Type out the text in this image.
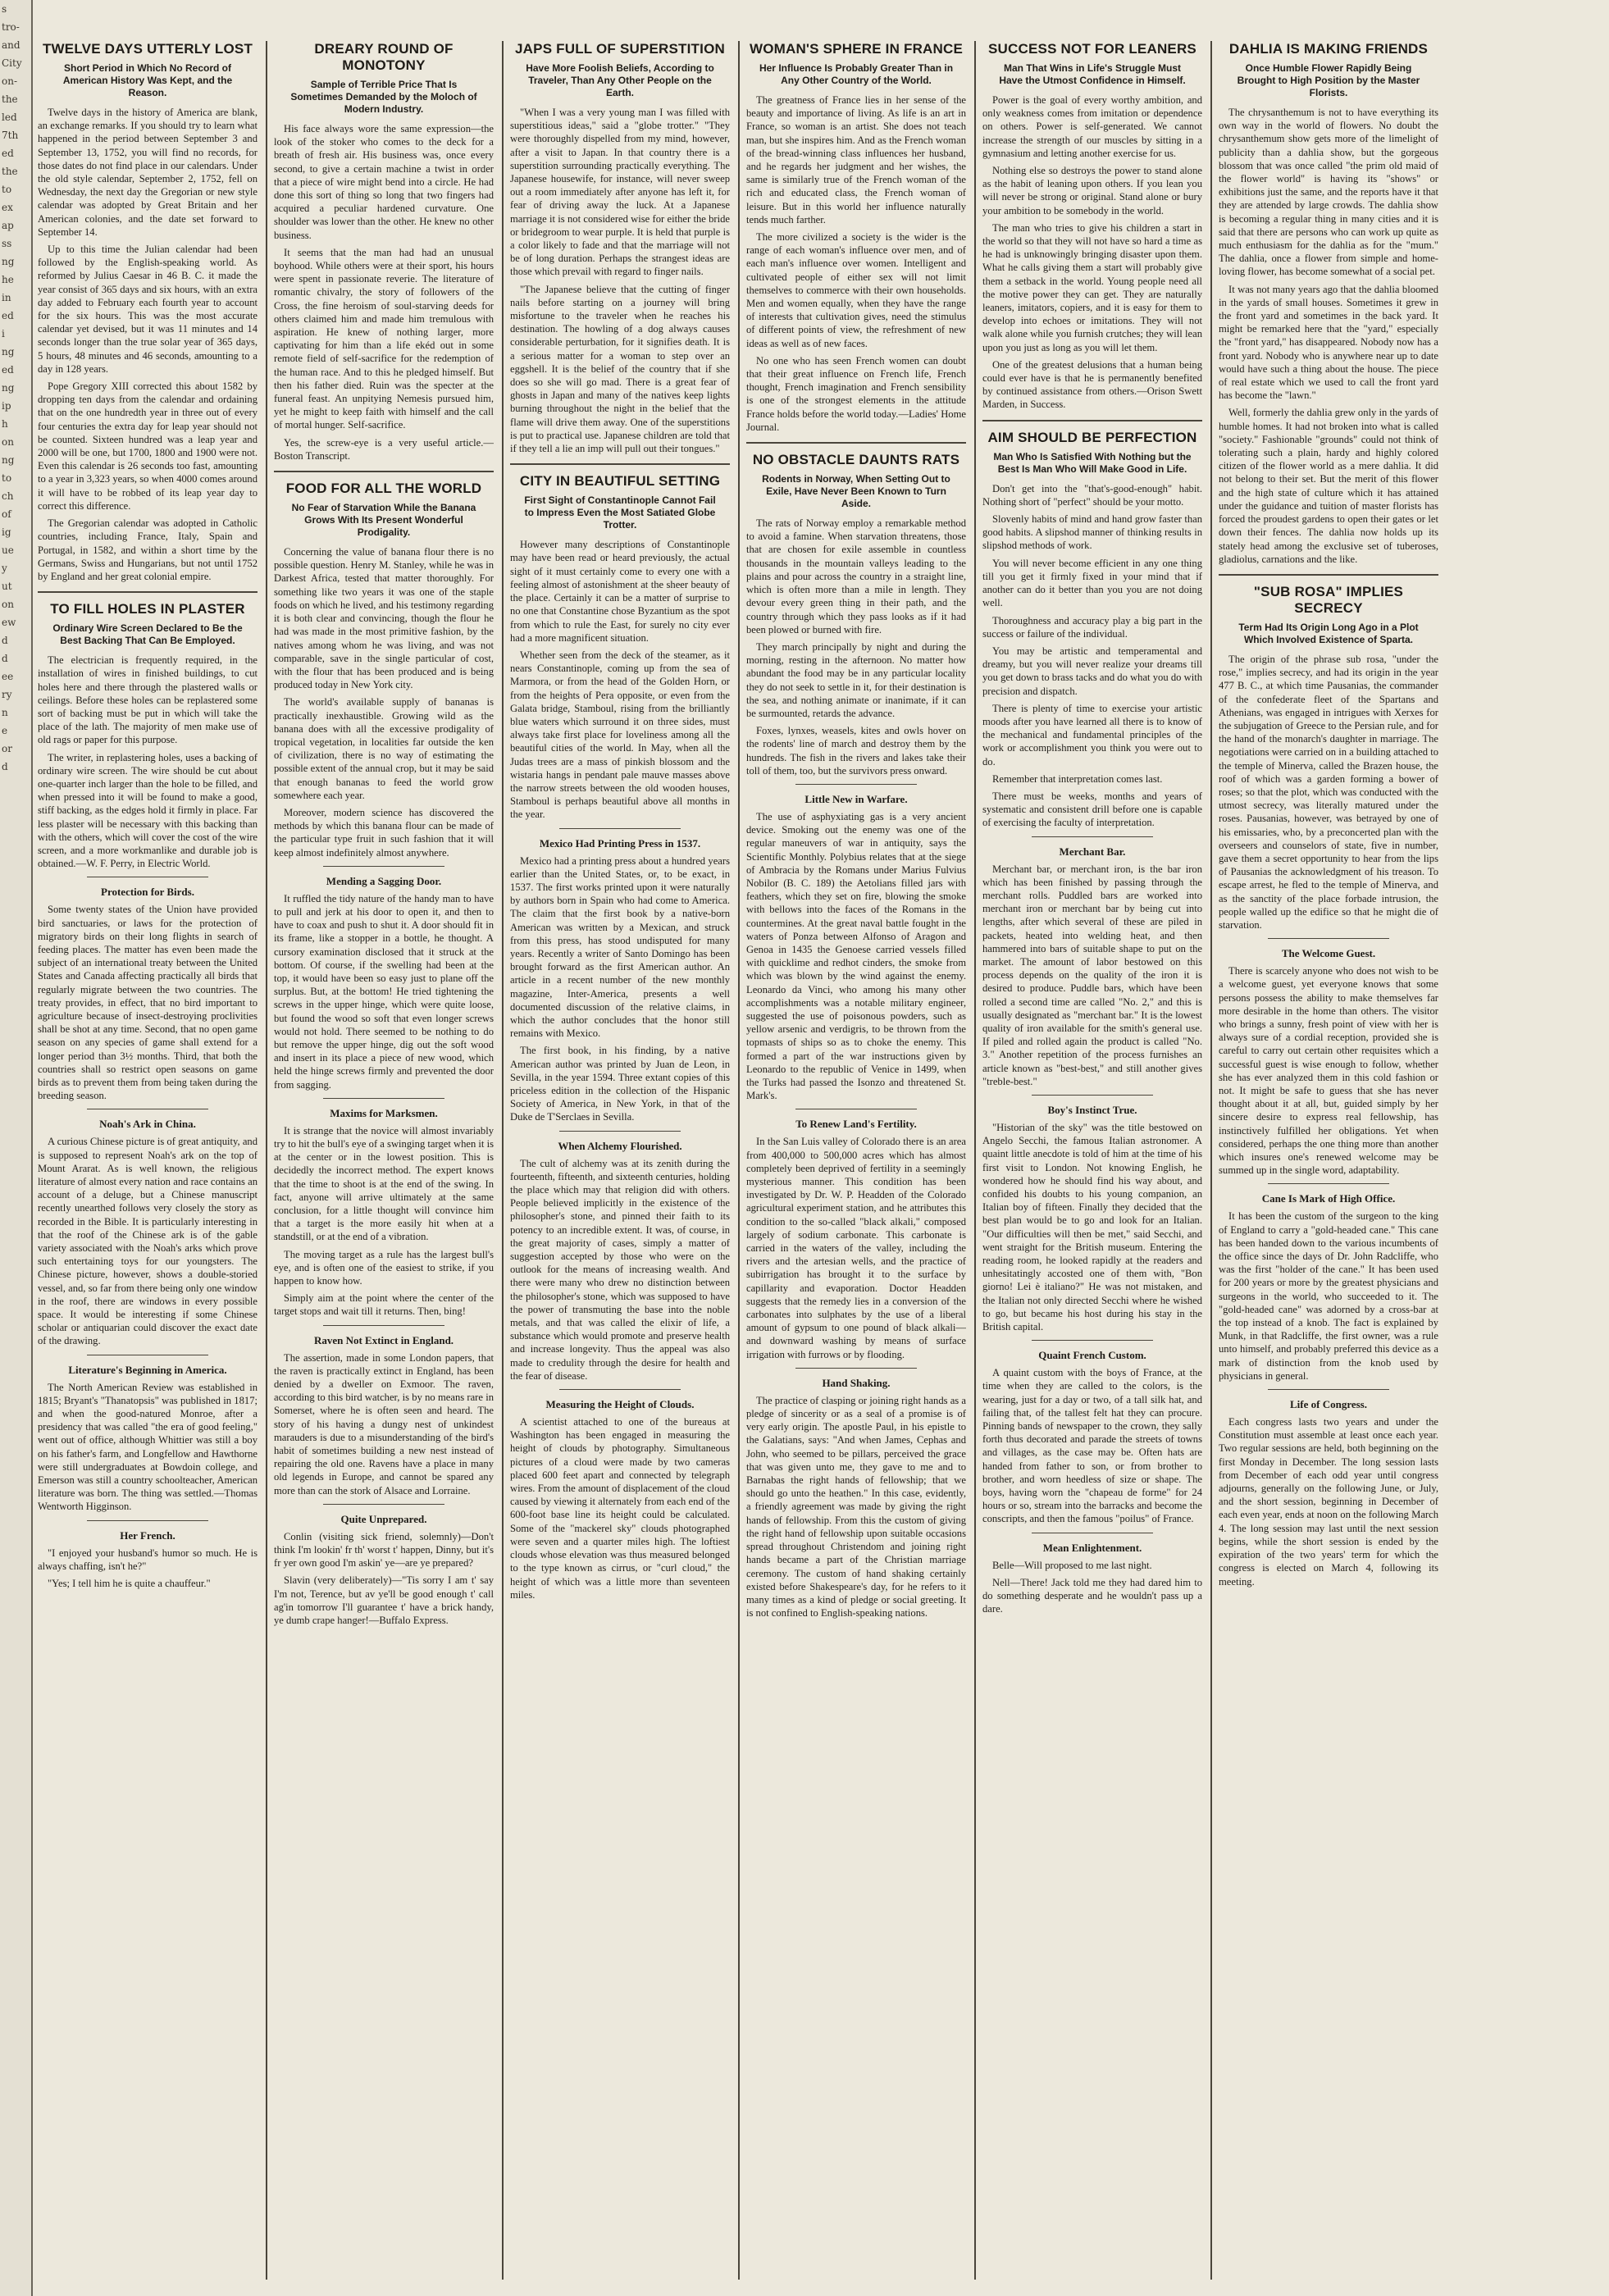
s
tro-
and
City
on-
the
led
7th
ed
the
to
ex
ap
ss
ng
he
in
ed
i
ng
ed
ng
ip
h
on
ng
to
ch
of
ig
ue
y
ut
on
ew
d
d
ee
ry
n
e
or
d
TWELVE DAYS UTTERLY LOST
Short Period in Which No Record of American History Was Kept, and the Reason.

Twelve days in the history of America are blank, an exchange remarks. If you should try to learn what happened in the period between September 3 and September 13, 1752, you will find no records, for those dates do not find place in our calendars. Under the old style calendar, September 2, 1752, fell on Wednesday, the next day the Gregorian or new style calendar was adopted by Great Britain and her American colonies, and the date set forward to September 14.

Up to this time the Julian calendar had been followed by the English-speaking world. As reformed by Julius Caesar in 46 B. C. it made the year consist of 365 days and six hours, with an extra day added to February each fourth year to account for the six hours. This was the most accurate calendar yet devised, but it was 11 minutes and 14 seconds longer than the true solar year of 365 days, 5 hours, 48 minutes and 46 seconds, amounting to a day in 128 years.

Pope Gregory XIII corrected this about 1582 by dropping ten days from the calendar and ordaining that on the one hundredth year in three out of every four centuries the extra day for leap year should not be counted. Sixteen hundred was a leap year and 2000 will be one, but 1700, 1800 and 1900 were not. Even this calendar is 26 seconds too fast, amounting to a year in 3,323 years, so when 4000 comes around it will have to be robbed of its leap year day to correct this difference.

The Gregorian calendar was adopted in Catholic countries, including France, Italy, Spain and Portugal, in 1582, and within a short time by the Germans, Swiss and Hungarians, but not until 1752 by England and her great colonial empire.

TO FILL HOLES IN PLASTER
Ordinary Wire Screen Declared to Be the Best Backing That Can Be Employed.

The electrician is frequently required, in the installation of wires in finished buildings, to cut holes here and there through the plastered walls or ceilings. Before these holes can be replastered some sort of backing must be put in which will take the place of the lath. The majority of men make use of old rags or paper for this purpose.

The writer, in replastering holes, uses a backing of ordinary wire screen. The wire should be cut about one-quarter inch larger than the hole to be filled, and when pressed into it will be found to make a good, stiff backing, as the edges hold it firmly in place. Far less plaster will be necessary with this backing than with the others, which will cover the cost of the wire screen, and a more workmanlike and durable job is obtained.—W. F. Perry, in Electric World.

Protection for Birds.

Some twenty states of the Union have provided bird sanctuaries, or laws for the protection of migratory birds on their long flights in search of feeding places. The matter has even been made the subject of an international treaty between the United States and Canada affecting practically all birds that regularly migrate between the two countries. The treaty provides, in effect, that no bird important to agriculture because of insect-destroying proclivities shall be shot at any time. Second, that no open game season on any species of game shall extend for a longer period than 3½ months. Third, that both the countries shall so restrict open seasons on game birds as to prevent them from being taken during the breeding season.

Noah's Ark in China.

A curious Chinese picture is of great antiquity, and is supposed to represent Noah's ark on the top of Mount Ararat. As is well known, the religious literature of almost every nation and race contains an account of a deluge, but a Chinese manuscript recently unearthed follows very closely the story as recorded in the Bible. It is particularly interesting in that the roof of the Chinese ark is of the gable variety associated with the Noah's arks which prove such entertaining toys for our youngsters. The Chinese picture, however, shows a double-storied vessel, and, so far from there being only one window in the roof, there are windows in every possible space. It would be interesting if some Chinese scholar or antiquarian could discover the exact date of the drawing.

Literature's Beginning in America.

The North American Review was established in 1815; Bryant's "Thanatopsis" was published in 1817; and when the good-natured Monroe, after a presidency that was called "the era of good feeling," went out of office, although Whittier was still a boy on his father's farm, and Longfellow and Hawthorne were still undergraduates at Bowdoin college, and Emerson was still a country schoolteacher, American literature was born. The thing was settled.—Thomas Wentworth Higginson.

Her French.

"I enjoyed your husband's humor so much. He is always chaffing, isn't he?"

"Yes; I tell him he is quite a chauffeur."

DREARY ROUND OF MONOTONY
Sample of Terrible Price That Is Sometimes Demanded by the Moloch of Modern Industry.

His face always wore the same expression—the look of the stoker who comes to the deck for a breath of fresh air. His business was, once every second, to give a certain machine a twist in order that a piece of wire might bend into a circle. He had done this sort of thing so long that two fingers had acquired a peculiar hardened curvature. One shoulder was lower than the other. He knew no other business.

It seems that the man had had an unusual boyhood. While others were at their sport, his hours were spent in passionate reverie. The literature of romantic chivalry, the story of followers of the Cross, the fine heroism of soul-starving deeds for others claimed him and made him tremulous with aspiration. He knew of nothing larger, more captivating for him than a life ekéd out in some remote field of self-sacrifice for the redemption of the human race. And to this he pledged himself. But then his father died. Ruin was the specter at the funeral feast. An unpitying Nemesis pursued him, yet he might to keep faith with himself and the call of mortal hunger. Self-sacrifice.

Yes, the screw-eye is a very useful article.—Boston Transcript.

FOOD FOR ALL THE WORLD
No Fear of Starvation While the Banana Grows With Its Present Wonderful Prodigality.

Concerning the value of banana flour there is no possible question. Henry M. Stanley, while he was in Darkest Africa, tested that matter thoroughly. For something like two years it was one of the staple foods on which he lived, and his testimony regarding it is both clear and convincing, though the flour he had was made in the most primitive fashion, by the natives among whom he was living, and was not comparable, save in the single particular of cost, with the flour that has been produced and is being produced today in New York city.

The world's available supply of bananas is practically inexhaustible. Growing wild as the banana does with all the excessive prodigality of tropical vegetation, in localities far outside the ken of civilization, there is no way of estimating the possible extent of the annual crop, but it may be said that enough bananas to feed the world grow somewhere each year.

Moreover, modern science has discovered the methods by which this banana flour can be made of the particular type fruit in such fashion that it will keep almost indefinitely almost anywhere.

Mending a Sagging Door.

It ruffled the tidy nature of the handy man to have to pull and jerk at his door to open it, and then to have to coax and push to shut it. A door should fit in its frame, like a stopper in a bottle, he thought. A cursory examination disclosed that it struck at the bottom. Of course, if the swelling had been at the top, it would have been so easy just to plane off the surplus. But, at the bottom! He tried tightening the screws in the upper hinge, which were quite loose, but found the wood so soft that even longer screws would not hold. There seemed to be nothing to do but remove the upper hinge, dig out the soft wood and insert in its place a piece of new wood, which held the hinge screws firmly and prevented the door from sagging.

Maxims for Marksmen.

It is strange that the novice will almost invariably try to hit the bull's eye of a swinging target when it is at the center or in the lowest position. This is decidedly the incorrect method. The expert knows that the time to shoot is at the end of the swing. In fact, anyone will arrive ultimately at the same conclusion, for a little thought will convince him that a target is the more easily hit when at a standstill, or at the end of a vibration.

The moving target as a rule has the largest bull's eye, and is often one of the easiest to strike, if you happen to know how.

Simply aim at the point where the center of the target stops and wait till it returns. Then, bing!

Raven Not Extinct in England.

The assertion, made in some London papers, that the raven is practically extinct in England, has been denied by a dweller on Exmoor. The raven, according to this bird watcher, is by no means rare in Somerset, where he is often seen and heard. The story of his having a dungy nest of unkindest marauders is due to a misunderstanding of the bird's habit of sometimes building a new nest instead of repairing the old one. Ravens have a place in many old legends in Europe, and cannot be spared any more than can the stork of Alsace and Lorraine.

Quite Unprepared.

Conlin (visiting sick friend, solemnly)—Don't think I'm lookin' fr th' worst t' happen, Dinny, but it's fr yer own good I'm askin' ye—are ye prepared?

Slavin (very deliberately)—"Tis sorry I am t' say I'm not, Terence, but av ye'll be good enough t' call ag'in tomorrow I'll guarantee t' have a brick handy, ye dumb crape hanger!—Buffalo Express.

JAPS FULL OF SUPERSTITION
Have More Foolish Beliefs, According to Traveler, Than Any Other People on the Earth.

"When I was a very young man I was filled with superstitious ideas," said a "globe trotter." "They were thoroughly dispelled from my mind, however, after a visit to Japan. In that country there is a superstition surrounding practically everything. The Japanese housewife, for instance, will never sweep out a room immediately after anyone has left it, for fear of driving away the luck. At a Japanese marriage it is not considered wise for either the bride or bridegroom to wear purple. It is held that purple is a color likely to fade and that the marriage will not be of long duration. Perhaps the strangest ideas are those which prevail with regard to finger nails.

"The Japanese believe that the cutting of finger nails before starting on a journey will bring misfortune to the traveler when he reaches his destination. The howling of a dog always causes considerable perturbation, for it signifies death. It is a serious matter for a woman to step over an eggshell. It is the belief of the country that if she does so she will go mad. There is a great fear of ghosts in Japan and many of the natives keep lights burning throughout the night in the belief that the flame will drive them away. One of the superstitions is put to practical use. Japanese children are told that if they tell a lie an imp will pull out their tongues."

CITY IN BEAUTIFUL SETTING
First Sight of Constantinople Cannot Fail to Impress Even the Most Satiated Globe Trotter.

However many descriptions of Constantinople may have been read or heard previously, the actual sight of it must certainly come to every one with a feeling almost of astonishment at the sheer beauty of the place. Certainly it can be a matter of surprise to no one that Constantine chose Byzantium as the spot from which to rule the East, for surely no city ever had a more magnificent situation.

Whether seen from the deck of the steamer, as it nears Constantinople, coming up from the sea of Marmora, or from the head of the Golden Horn, or from the heights of Pera opposite, or even from the Galata bridge, Stamboul, rising from the brilliantly blue waters which surround it on three sides, must always take first place for loveliness among all the beautiful cities of the world. In May, when all the Judas trees are a mass of pinkish blossom and the wistaria hangs in pendant pale mauve masses above the narrow streets between the old wooden houses, Stamboul is perhaps beautiful above all months in the year.

Mexico Had Printing Press in 1537.

Mexico had a printing press about a hundred years earlier than the United States, or, to be exact, in 1537. The first works printed upon it were naturally by authors born in Spain who had come to America. The claim that the first book by a native-born American was written by a Mexican, and struck from this press, has stood undisputed for many years. Recently a writer of Santo Domingo has been brought forward as the first American author. An article in a recent number of the new monthly magazine, Inter-America, presents a well documented discussion of the relative claims, in which the author concludes that the honor still remains with Mexico.

The first book, in his finding, by a native American author was printed by Juan de Leon, in Sevilla, in the year 1594. Three extant copies of this priceless edition in the collection of the Hispanic Society of America, in New York, in that of the Duke de T'Serclaes in Sevilla.

When Alchemy Flourished.

The cult of alchemy was at its zenith during the fourteenth, fifteenth, and sixteenth centuries, holding the place which may that religion did with others. People believed implicitly in the existence of the philosopher's stone, and pinned their faith to its potency to an incredible extent. It was, of course, in the great majority of cases, simply a matter of suggestion accepted by those who were on the outlook for the means of increasing wealth. And there were many who drew no distinction between the philosopher's stone, which was supposed to have the power of transmuting the base into the noble metals, and that was called the elixir of life, a substance which would promote and preserve health and increase longevity. Thus the appeal was also made to credulity through the desire for health and the fear of disease.

Measuring the Height of Clouds.

A scientist attached to one of the bureaus at Washington has been engaged in measuring the height of clouds by photography. Simultaneous pictures of a cloud were made by two cameras placed 600 feet apart and connected by telegraph wires. From the amount of displacement of the cloud caused by viewing it alternately from each end of the 600-foot base line its height could be calculated. Some of the "mackerel sky" clouds photographed were seven and a quarter miles high. The loftiest clouds whose elevation was thus measured belonged to the type known as cirrus, or "curl cloud," the height of which was a little more than seventeen miles.

WOMAN'S SPHERE IN FRANCE
Her Influence Is Probably Greater Than in Any Other Country of the World.

The greatness of France lies in her sense of the beauty and importance of living. As life is an art in France, so woman is an artist. She does not teach man, but she inspires him. And as the French woman of the bread-winning class influences her husband, and he regards her judgment and her wishes, the same is similarly true of the French woman of the rich and educated class, the French woman of leisure. But in this world her influence naturally tends much farther.

The more civilized a society is the wider is the range of each woman's influence over men, and of each man's influence over women. Intelligent and cultivated people of either sex will not limit themselves to commerce with their own households. Men and women equally, when they have the range of interests that cultivation gives, need the stimulus of different points of view, the refreshment of new ideas as well as of new faces.

No one who has seen French women can doubt that their great influence on French life, French thought, French imagination and French sensibility is one of the strongest elements in the attitude France holds before the world today.—Ladies' Home Journal.

NO OBSTACLE DAUNTS RATS
Rodents in Norway, When Setting Out to Exile, Have Never Been Known to Turn Aside.

The rats of Norway employ a remarkable method to avoid a famine. When starvation threatens, those that are chosen for exile assemble in countless thousands in the mountain valleys leading to the plains and pour across the country in a straight line, which is often more than a mile in length. They devour every green thing in their path, and the country through which they pass looks as if it had been plowed or burned with fire.

They march principally by night and during the morning, resting in the afternoon. No matter how abundant the food may be in any particular locality they do not seek to settle in it, for their destination is the sea, and nothing animate or inanimate, if it can be surmounted, retards the advance.

Foxes, lynxes, weasels, kites and owls hover on the rodents' line of march and destroy them by the hundreds. The fish in the rivers and lakes take their toll of them, too, but the survivors press onward.

Little New in Warfare.

The use of asphyxiating gas is a very ancient device. Smoking out the enemy was one of the regular maneuvers of war in antiquity, says the Scientific Monthly. Polybius relates that at the siege of Ambracia by the Romans under Marius Fulvius Nobilor (B. C. 189) the Aetolians filled jars with feathers, which they set on fire, blowing the smoke with bellows into the faces of the Romans in the countermines. At the great naval battle fought in the waters of Ponza between Alfonso of Aragon and Genoa in 1435 the Genoese carried vessels filled with quicklime and redhot cinders, the smoke from which was blown by the wind against the enemy. Leonardo da Vinci, who among his many other accomplishments was a notable military engineer, suggested the use of poisonous powders, such as yellow arsenic and verdigris, to be thrown from the topmasts of ships so as to choke the enemy. This formed a part of the war instructions given by Leonardo to the republic of Venice in 1499, when the Turks had passed the Isonzo and threatened St. Mark's.

To Renew Land's Fertility.

In the San Luis valley of Colorado there is an area from 400,000 to 500,000 acres which has almost completely been deprived of fertility in a seemingly mysterious manner. This condition has been investigated by Dr. W. P. Headden of the Colorado agricultural experiment station, and he attributes this condition to the so-called "black alkali," composed largely of sodium carbonate. This carbonate is carried in the waters of the valley, including the rivers and the artesian wells, and the practice of subirrigation has brought it to the surface by capillarity and evaporation. Doctor Headden suggests that the remedy lies in a conversion of the carbonates into sulphates by the use of a liberal amount of gypsum to one pound of black alkali—and downward washing by means of surface irrigation with furrows or by flooding.

Hand Shaking.

The practice of clasping or joining right hands as a pledge of sincerity or as a seal of a promise is of very early origin. The apostle Paul, in his epistle to the Galatians, says: "And when James, Cephas and John, who seemed to be pillars, perceived the grace that was given unto me, they gave to me and to Barnabas the right hands of fellowship; that we should go unto the heathen." In this case, evidently, a friendly agreement was made by giving the right hands of fellowship. From this the custom of giving the right hand of fellowship upon suitable occasions spread throughout Christendom and joining right hands became a part of the Christian marriage ceremony. The custom of hand shaking certainly existed before Shakespeare's day, for he refers to it many times as a kind of pledge or social greeting. It is not confined to English-speaking nations.

SUCCESS NOT FOR LEANERS
Man That Wins in Life's Struggle Must Have the Utmost Confidence in Himself.

Power is the goal of every worthy ambition, and only weakness comes from imitation or dependence on others. Power is self-generated. We cannot increase the strength of our muscles by sitting in a gymnasium and letting another exercise for us.

Nothing else so destroys the power to stand alone as the habit of leaning upon others. If you lean you will never be strong or original. Stand alone or bury your ambition to be somebody in the world.

The man who tries to give his children a start in the world so that they will not have so hard a time as he had is unknowingly bringing disaster upon them. What he calls giving them a start will probably give them a setback in the world. Young people need all the motive power they can get. They are naturally leaners, imitators, copiers, and it is easy for them to develop into echoes or imitations. They will not walk alone while you furnish crutches; they will lean upon you just as long as you will let them.

One of the greatest delusions that a human being could ever have is that he is permanently benefited by continued assistance from others.—Orison Swett Marden, in Success.

AIM SHOULD BE PERFECTION
Man Who Is Satisfied With Nothing but the Best Is Man Who Will Make Good in Life.

Don't get into the "that's-good-enough" habit. Nothing short of "perfect" should be your motto.

Slovenly habits of mind and hand grow faster than good habits. A slipshod manner of thinking results in slipshod methods of work.

You will never become efficient in any one thing till you get it firmly fixed in your mind that if another can do it better than you you are not doing well.

Thoroughness and accuracy play a big part in the success or failure of the individual.

You may be artistic and temperamental and dreamy, but you will never realize your dreams till you get down to brass tacks and do what you do with precision and dispatch.

There is plenty of time to exercise your artistic moods after you have learned all there is to know of the mechanical and fundamental principles of the work or accomplishment you think you were out to do.

Remember that interpretation comes last.

There must be weeks, months and years of systematic and consistent drill before one is capable of exercising the faculty of interpretation.

Merchant Bar.

Merchant bar, or merchant iron, is the bar iron which has been finished by passing through the merchant rolls. Puddled bars are worked into merchant iron or merchant bar by being cut into lengths, after which several of these are piled in packets, heated into welding heat, and then hammered into bars of suitable shape to put on the market. The amount of labor bestowed on this process depends on the quality of the iron it is desired to produce. Puddle bars, which have been rolled a second time are called "No. 2," and this is usually designated as "merchant bar." It is the lowest quality of iron available for the smith's general use. If piled and rolled again the product is called "No. 3." Another repetition of the process furnishes an article known as "best-best," and still another gives "treble-best."

Boy's Instinct True.

"Historian of the sky" was the title bestowed on Angelo Secchi, the famous Italian astronomer. A quaint little anecdote is told of him at the time of his first visit to London. Not knowing English, he wondered how he should find his way about, and confided his doubts to his young companion, an Italian boy of fifteen. Finally they decided that the best plan would be to go and look for an Italian. "Our difficulties will then be met," said Secchi, and went straight for the British museum. Entering the reading room, he looked rapidly at the readers and unhesitatingly accosted one of them with, "Bon giorno! Lei è italiano?" He was not mistaken, and the Italian not only directed Secchi where he wished to go, but became his host during his stay in the British capital.

Quaint French Custom.

A quaint custom with the boys of France, at the time when they are called to the colors, is the wearing, just for a day or two, of a tall silk hat, and failing that, of the tallest felt hat they can procure. Pinning bands of newspaper to the crown, they sally forth thus decorated and parade the streets of towns and villages, as the case may be. Often hats are handed from father to son, or from brother to brother, and worn heedless of size or shape. The boys, having worn the "chapeau de forme" for 24 hours or so, stream into the barracks and become the conscripts, and then the famous "poilus" of France.

Mean Enlightenment.

Belle—Will proposed to me last night.

Nell—There! Jack told me they had dared him to do something desperate and he wouldn't pass up a dare.

DAHLIA IS MAKING FRIENDS
Once Humble Flower Rapidly Being Brought to High Position by the Master Florists.

The chrysanthemum is not to have everything its own way in the world of flowers. No doubt the chrysanthemum show gets more of the limelight of publicity than a dahlia show, but the gorgeous blossom that was once called "the prim old maid of the flower world" is having its "shows" or exhibitions just the same, and the reports have it that they are attended by large crowds. The dahlia show is becoming a regular thing in many cities and it is said that there are persons who can work up quite as much enthusiasm for the dahlia as for the "mum." The dahlia, once a flower from simple and home-loving flower, has become somewhat of a social pet.

It was not many years ago that the dahlia bloomed in the yards of small houses. Sometimes it grew in the front yard and sometimes in the back yard. It might be remarked here that the "yard," especially the "front yard," has disappeared. Nobody now has a front yard. Nobody who is anywhere near up to date would have such a thing about the house. The piece of real estate which we used to call the front yard has become the "lawn."

Well, formerly the dahlia grew only in the yards of humble homes. It had not broken into what is called "society." Fashionable "grounds" could not think of tolerating such a plain, hardy and highly colored citizen of the flower world as a mere dahlia. It did not belong to their set. But the merit of this flower and the high state of culture which it has attained under the guidance and tuition of master florists has forced the proudest gardens to open their gates or let down their fences. The dahlia now holds up its stately head among the exclusive set of tuberoses, gladiolus, carnations and the like.

"SUB ROSA" IMPLIES SECRECY
Term Had Its Origin Long Ago in a Plot Which Involved Existence of Sparta.

The origin of the phrase sub rosa, "under the rose," implies secrecy, and had its origin in the year 477 B. C., at which time Pausanias, the commander of the confederate fleet of the Spartans and Athenians, was engaged in intrigues with Xerxes for the subjugation of Greece to the Persian rule, and for the hand of the monarch's daughter in marriage. The negotiations were carried on in a building attached to the temple of Minerva, called the Brazen house, the roof of which was a garden forming a bower of roses; so that the plot, which was conducted with the utmost secrecy, was literally matured under the roses. Pausanias, however, was betrayed by one of his emissaries, who, by a preconcerted plan with the overseers and counselors of state, five in number, gave them a secret opportunity to hear from the lips of Pausanias the acknowledgment of his treason. To escape arrest, he fled to the temple of Minerva, and as the sanctity of the place forbade intrusion, the people walled up the edifice so that he might die of starvation.

The Welcome Guest.

There is scarcely anyone who does not wish to be a welcome guest, yet everyone knows that some persons possess the ability to make themselves far more desirable in the home than others. The visitor who brings a sunny, fresh point of view with her is always sure of a cordial reception, provided she is careful to carry out certain other requisites which a successful guest is wise enough to follow, whether she has ever analyzed them in this cold fashion or not. It might be safe to guess that she has never thought about it at all, but, guided simply by her sincere desire to express real fellowship, has instinctively fulfilled her obligations. Yet when considered, perhaps the one thing more than another which insures one's renewed welcome may be summed up in the single word, adaptability.

Cane Is Mark of High Office.

It has been the custom of the surgeon to the king of England to carry a "gold-headed cane." This cane has been handed down to the various incumbents of the office since the days of Dr. John Radcliffe, who was the first "holder of the cane." It has been used for 200 years or more by the greatest physicians and surgeons in the world, who succeeded to it. The "gold-headed cane" was adorned by a cross-bar at the top instead of a knob. The fact is explained by Munk, in that Radcliffe, the first owner, was a rule unto himself, and probably preferred this device as a mark of distinction from the knob used by physicians in general.

Life of Congress.

Each congress lasts two years and under the Constitution must assemble at least once each year. Two regular sessions are held, both beginning on the first Monday in December. The long session lasts from December of each odd year until congress adjourns, generally on the following June, or July, and the short session, beginning in December of each even year, ends at noon on the following March 4. The long session may last until the next session begins, while the short session is ended by the expiration of the two years' term for which the congress is elected on March 4, following its meeting.
